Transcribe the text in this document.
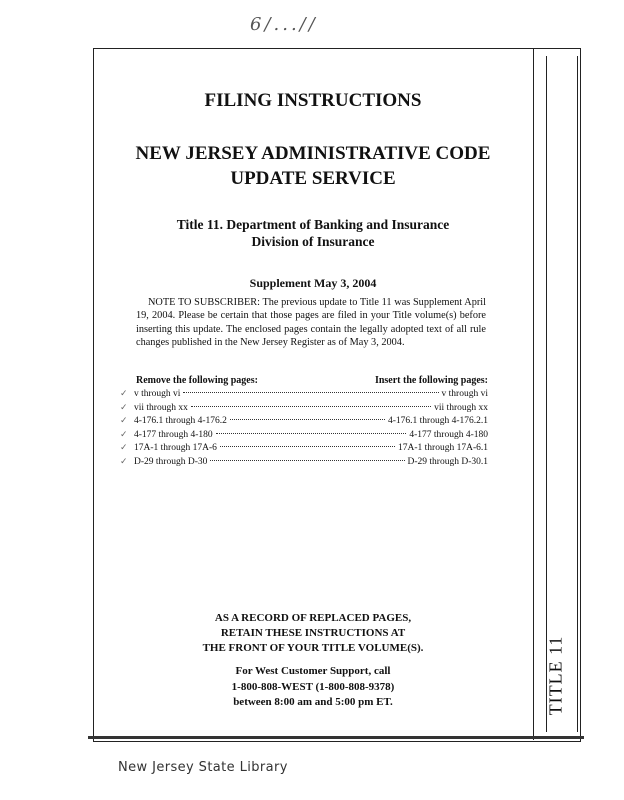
6/...//
TITLE 11
FILING INSTRUCTIONS
NEW JERSEY ADMINISTRATIVE CODE
UPDATE SERVICE
Title 11. Department of Banking and Insurance
Division of Insurance
Supplement May 3, 2004
NOTE TO SUBSCRIBER: The previous update to Title 11 was Supplement April 19, 2004. Please be certain that those pages are filed in your Title volume(s) before inserting this update. The enclosed pages contain the legally adopted text of all rule changes published in the New Jersey Register as of May 3, 2004.
Remove the following pages:	Insert the following pages:
✓ v through vi	v through vi
✓ vii through xx	vii through xx
✓ 4-176.1 through 4-176.2	4-176.1 through 4-176.2.1
✓ 4-177 through 4-180	4-177 through 4-180
✓ 17A-1 through 17A-6	17A-1 through 17A-6.1
✓ D-29 through D-30	D-29 through D-30.1
AS A RECORD OF REPLACED PAGES,
RETAIN THESE INSTRUCTIONS AT
THE FRONT OF YOUR TITLE VOLUME(S).
For West Customer Support, call
1-800-808-WEST (1-800-808-9378)
between 8:00 am and 5:00 pm ET.
New Jersey State Library
